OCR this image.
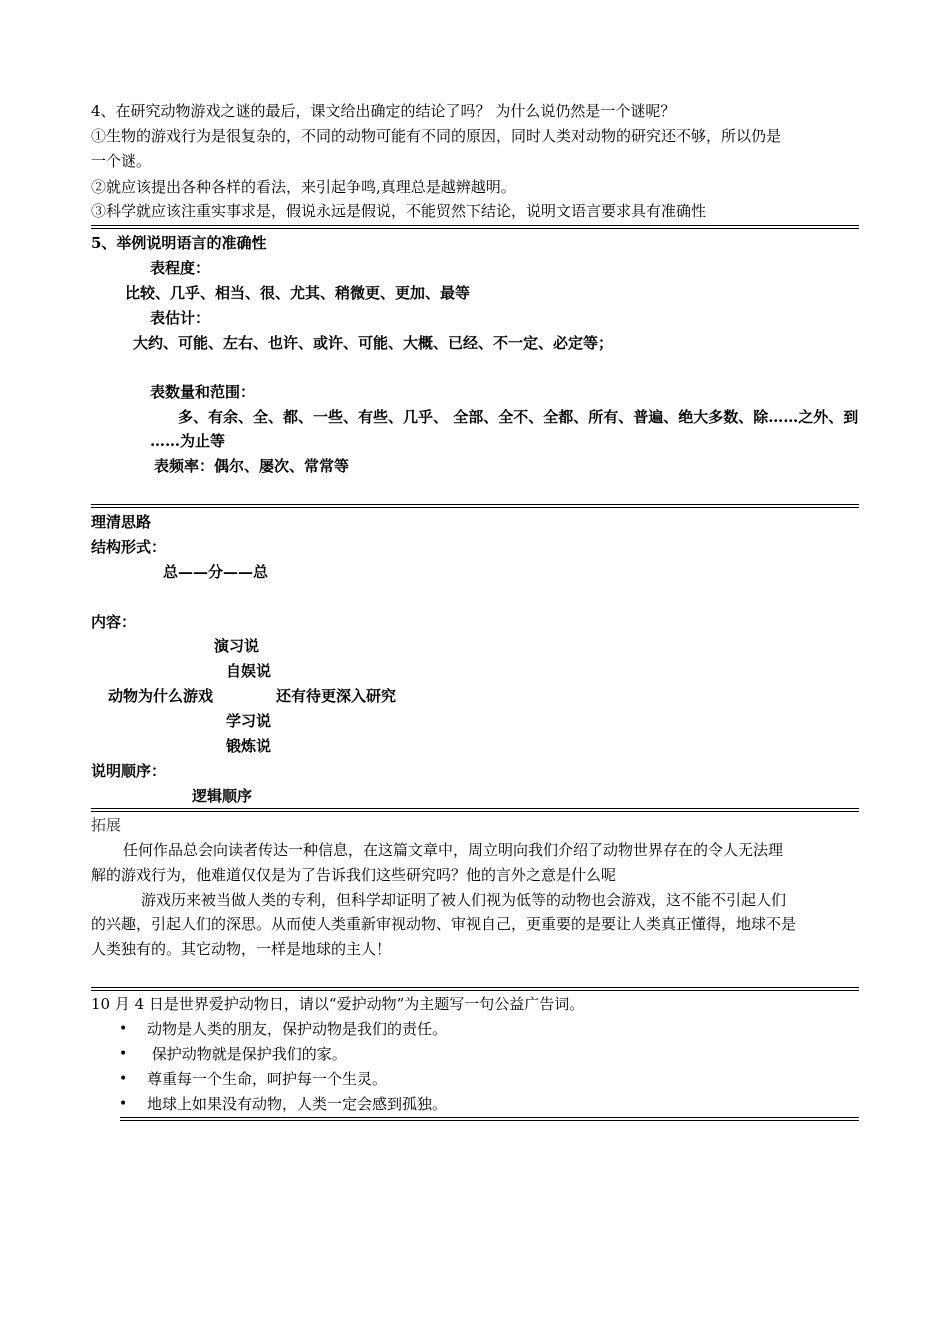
4、在研究动物游戏之谜的最后，课文给出确定的结论了吗？ 为什么说仍然是一个谜呢？
①生物的游戏行为是很复杂的，不同的动物可能有不同的原因，同时人类对动物的研究还不够，所以仍是
一个谜。
②就应该提出各种各样的看法，来引起争鸣,真理总是越辨越明。
③科学就应该注重实事求是，假说永远是假说，不能贸然下结论，说明文语言要求具有准确性
5、举例说明语言的准确性
表程度：
比较、几乎、相当、很、尤其、稍微更、更加、最等
表估计：
大约、可能、左右、也许、或许、可能、大概、已经、不一定、必定等；
表数量和范围：
多、有余、全、都、一些、有些、几乎、 全部、全不、全都、所有、普遍、绝大多数、除……之外、到
……为止等
表频率：偶尔、屡次、常常等
理清思路
结构形式：
总——分——总
内容：
演习说
自娱说
动物为什么游戏	还有待更深入研究
学习说
锻炼说
说明顺序：
逻辑顺序
拓展
任何作品总会向读者传达一种信息，在这篇文章中，周立明向我们介绍了动物世界存在的令人无法理
解的游戏行为，他难道仅仅是为了告诉我们这些研究吗？他的言外之意是什么呢
游戏历来被当做人类的专利，但科学却证明了被人们视为低等的动物也会游戏，这不能不引起人们
的兴趣，引起人们的深思。从而使人类重新审视动物、审视自己，更重要的是要让人类真正懂得，地球不是
人类独有的。其它动物，一样是地球的主人！
10 月 4 日是世界爱护动物日，请以“爱护动物”为主题写一句公益广告词。
• 动物是人类的朋友，保护动物是我们的责任。
• 保护动物就是保护我们的家。
• 尊重每一个生命，呵护每一个生灵。
• 地球上如果没有动物，人类一定会感到孤独。
